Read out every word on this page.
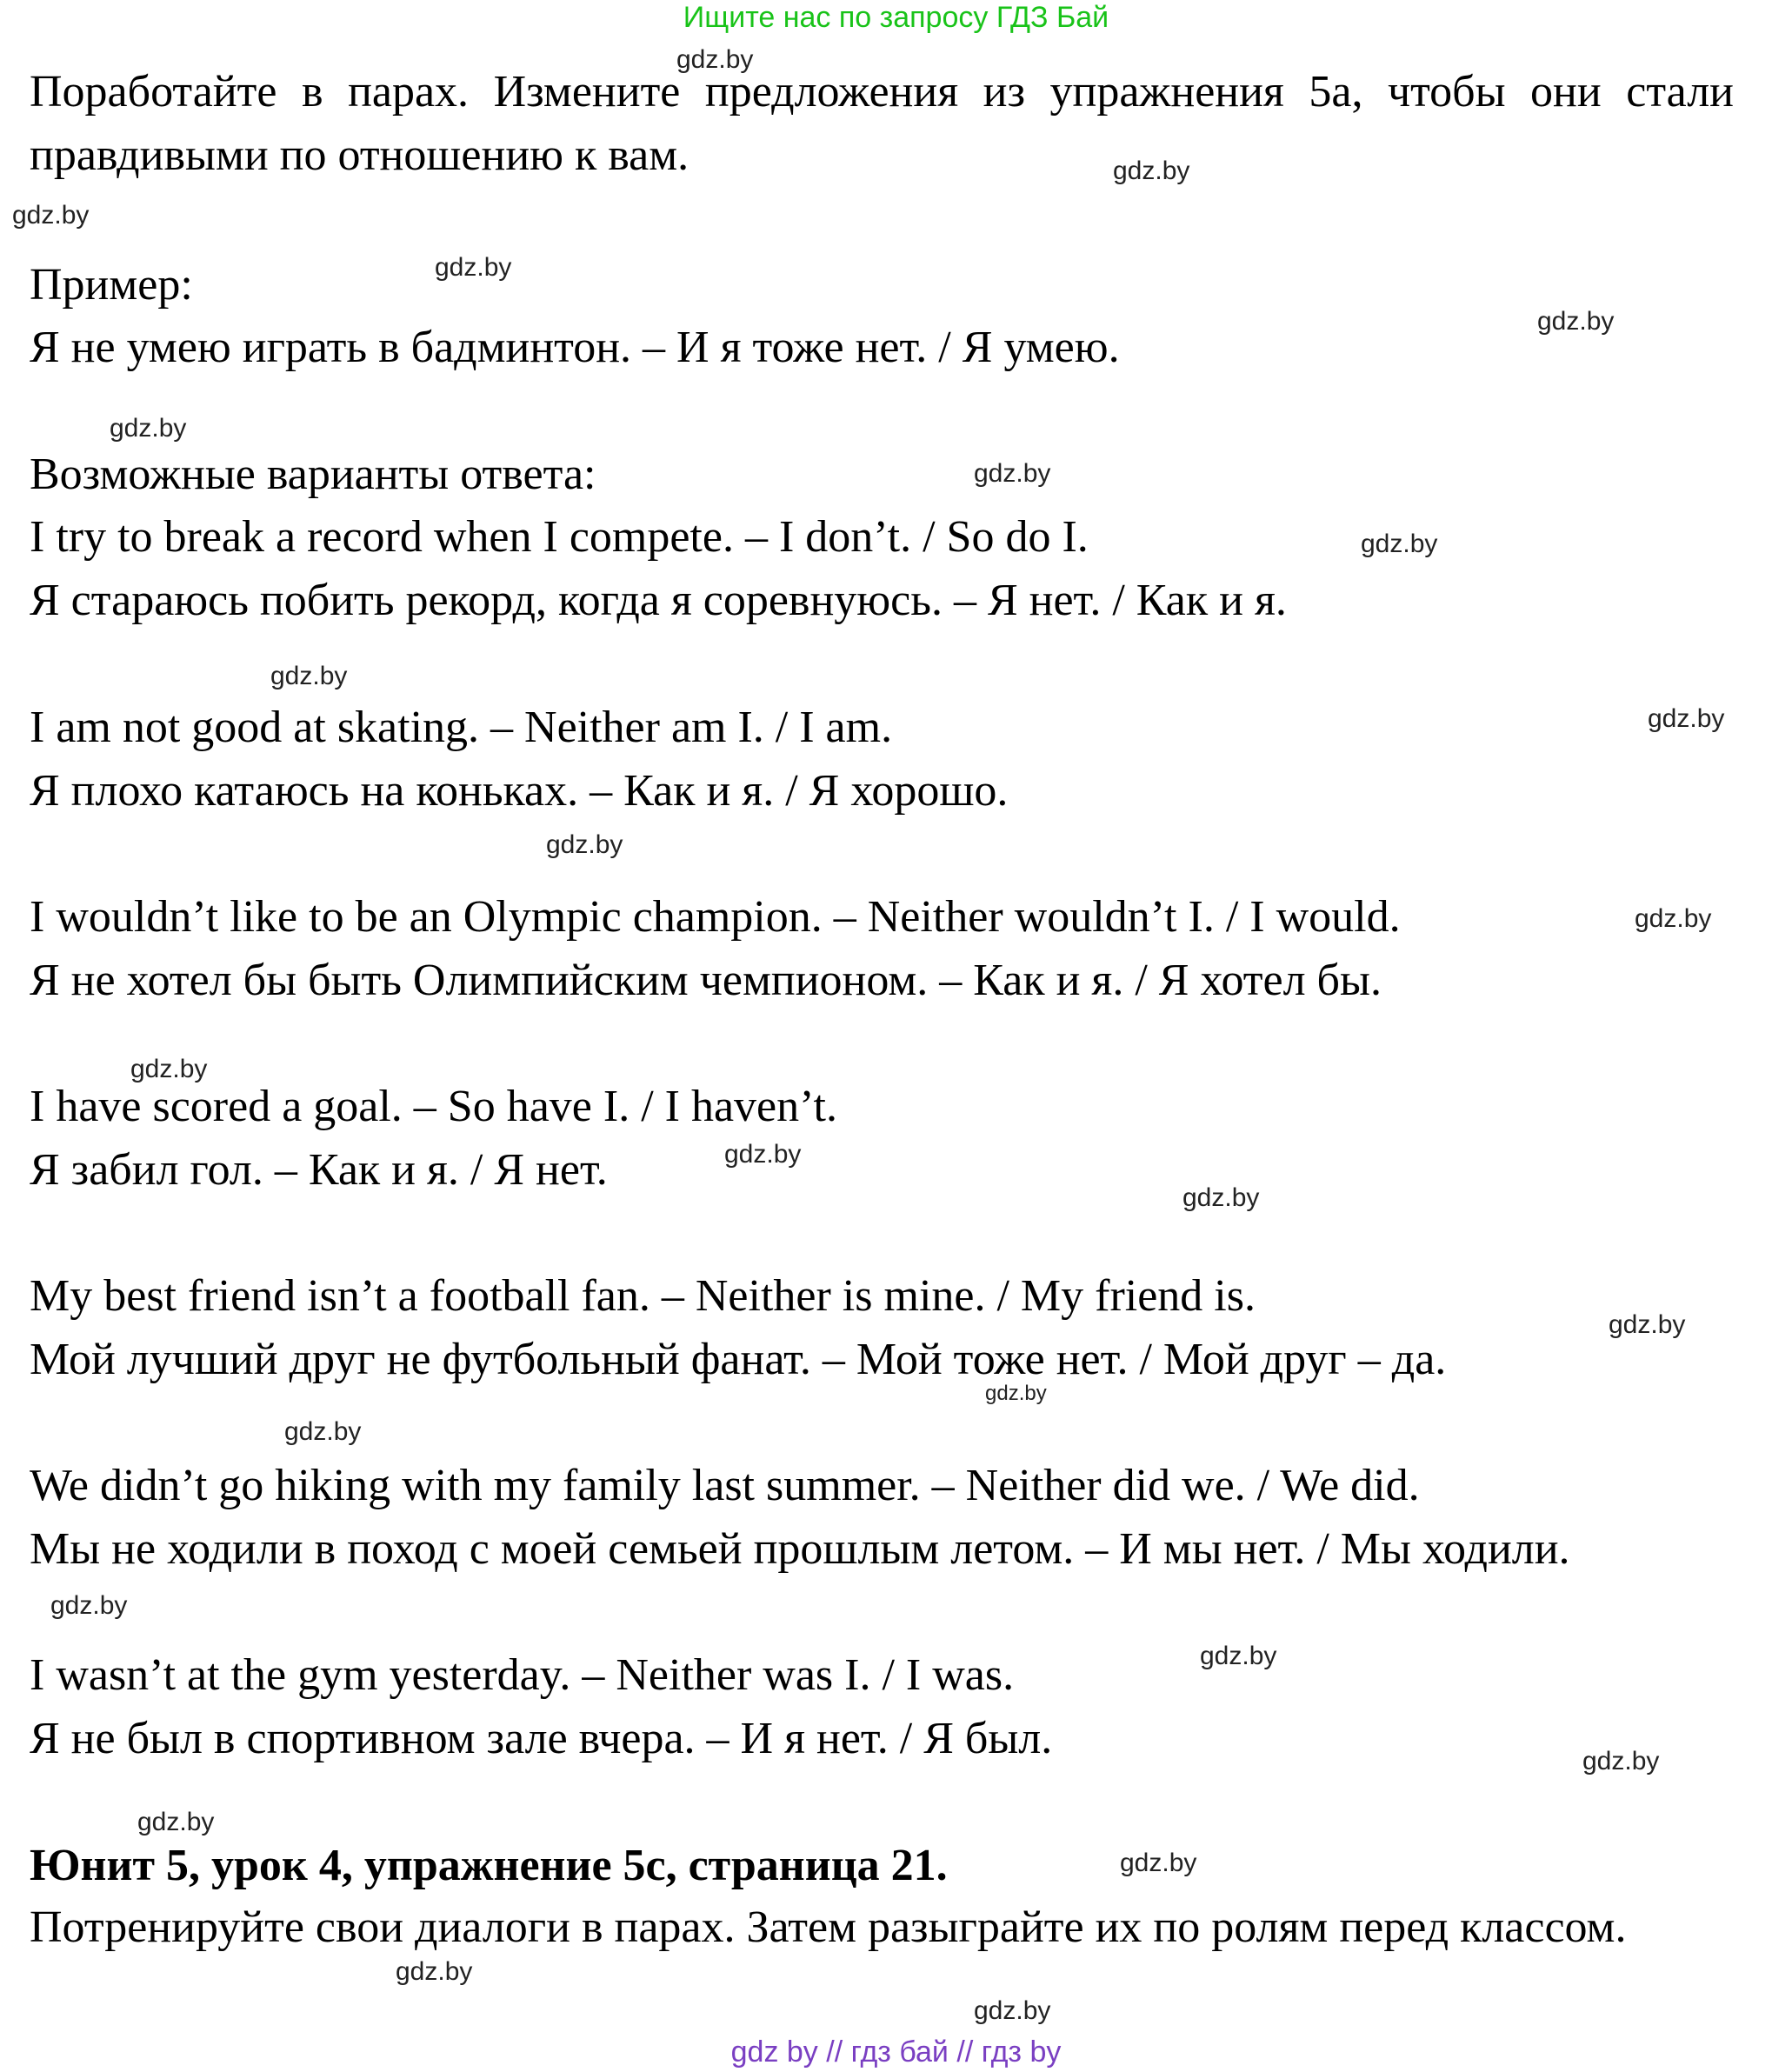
Ищите нас по запросу ГДЗ Бай
Поработайте в парах. Измените предложения из упражнения 5a, чтобы они стали правдивыми по отношению к вам.
Пример:
Я не умею играть в бадминтон. – И я тоже нет. / Я умею.
Возможные варианты ответа:
I try to break a record when I compete. – I don’t. / So do I.
Я стараюсь побить рекорд, когда я соревнуюсь. – Я нет. / Как и я.
I am not good at skating. – Neither am I. / I am.
Я плохо катаюсь на коньках. – Как и я. / Я хорошо.
I wouldn’t like to be an Olympic champion. – Neither wouldn’t I. / I would.
Я не хотел бы быть Олимпийским чемпионом. – Как и я. / Я хотел бы.
I have scored a goal. – So have I. / I haven’t.
Я забил гол. – Как и я. / Я нет.
My best friend isn’t a football fan. – Neither is mine. / My friend is.
Мой лучший друг не футбольный фанат. – Мой тоже нет. / Мой друг – да.
We didn’t go hiking with my family last summer. – Neither did we. / We did.
Мы не ходили в поход с моей семьей прошлым летом. – И мы нет. / Мы ходили.
I wasn’t at the gym yesterday. – Neither was I. / I was.
Я не был в спортивном зале вчера. – И я нет. / Я был.
Юнит 5, урок 4, упражнение 5с, страница 21.
Потренируйте свои диалоги в парах. Затем разыграйте их по ролям перед классом.
gdz.by
gdz.by
gdz.by
gdz.by
gdz.by
gdz.by
gdz.by
gdz.by
gdz.by
gdz.by
gdz.by
gdz.by
gdz.by
gdz.by
gdz.by
gdz.by
gdz.by
gdz.by
gdz.by
gdz.by
gdz.by
gdz.by
gdz.by
gdz.by
gdz.by
gdz by // гдз бай // гдз by
